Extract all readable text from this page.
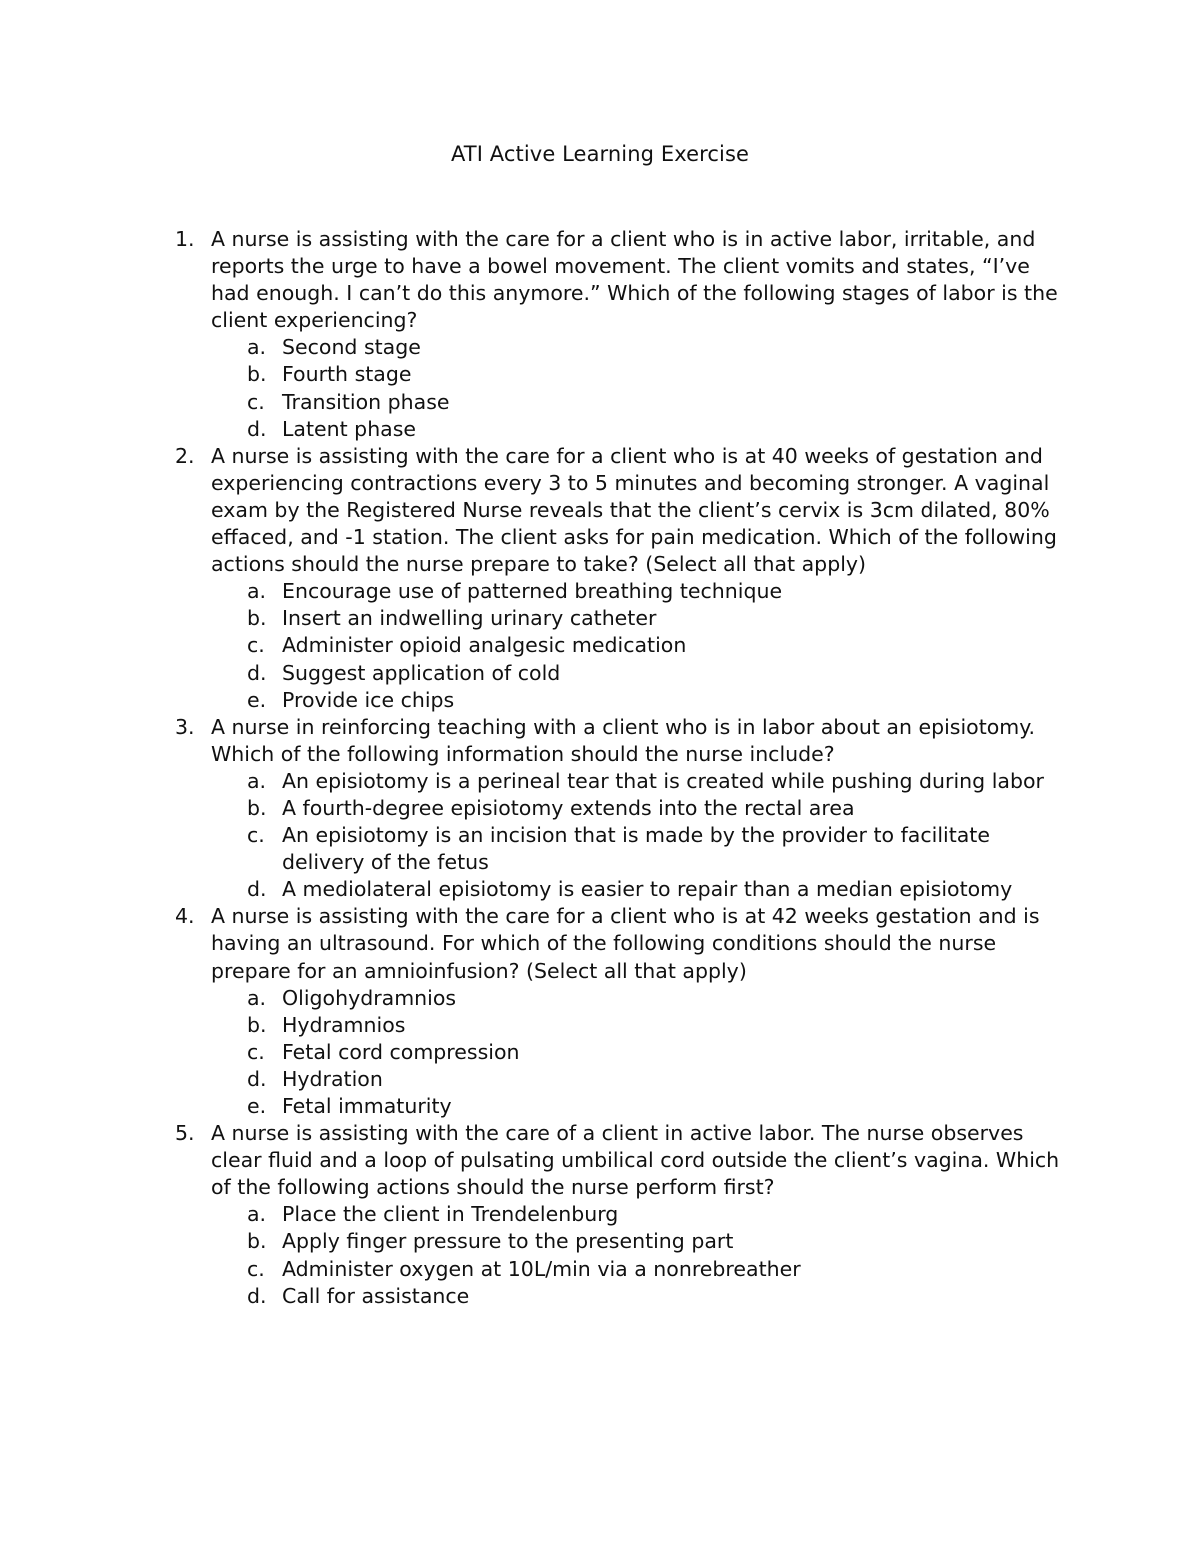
ATI Active Learning Exercise
1. A nurse is assisting with the care for a client who is in active labor, irritable, and reports the urge to have a bowel movement. The client vomits and states, “I’ve had enough. I can’t do this anymore.” Which of the following stages of labor is the client experiencing?
a. Second stage
b. Fourth stage
c. Transition phase
d. Latent phase
2. A nurse is assisting with the care for a client who is at 40 weeks of gestation and experiencing contractions every 3 to 5 minutes and becoming stronger. A vaginal exam by the Registered Nurse reveals that the client’s cervix is 3cm dilated, 80% effaced, and -1 station. The client asks for pain medication. Which of the following actions should the nurse prepare to take? (Select all that apply)
a. Encourage use of patterned breathing technique
b. Insert an indwelling urinary catheter
c. Administer opioid analgesic medication
d. Suggest application of cold
e. Provide ice chips
3. A nurse in reinforcing teaching with a client who is in labor about an episiotomy. Which of the following information should the nurse include?
a. An episiotomy is a perineal tear that is created while pushing during labor
b. A fourth-degree episiotomy extends into the rectal area
c. An episiotomy is an incision that is made by the provider to facilitate delivery of the fetus
d. A mediolateral episiotomy is easier to repair than a median episiotomy
4. A nurse is assisting with the care for a client who is at 42 weeks gestation and is having an ultrasound. For which of the following conditions should the nurse prepare for an amnioinfusion? (Select all that apply)
a. Oligohydramnios
b. Hydramnios
c. Fetal cord compression
d. Hydration
e. Fetal immaturity
5. A nurse is assisting with the care of a client in active labor. The nurse observes clear fluid and a loop of pulsating umbilical cord outside the client’s vagina. Which of the following actions should the nurse perform first?
a. Place the client in Trendelenburg
b. Apply finger pressure to the presenting part
c. Administer oxygen at 10L/min via a nonrebreather
d. Call for assistance
